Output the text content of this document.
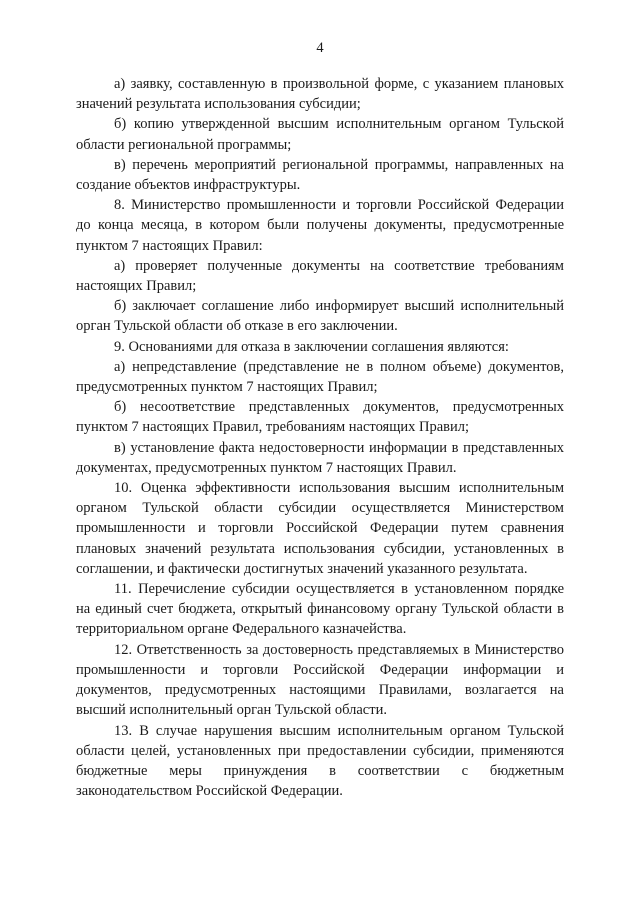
4

а) заявку, составленную в произвольной форме, с указанием плановых значений результата использования субсидии;

б) копию утвержденной высшим исполнительным органом Тульской области региональной программы;

в) перечень мероприятий региональной программы, направленных на создание объектов инфраструктуры.

8. Министерство промышленности и торговли Российской Федерации до конца месяца, в котором были получены документы, предусмотренные пунктом 7 настоящих Правил:

а) проверяет полученные документы на соответствие требованиям настоящих Правил;

б) заключает соглашение либо информирует высший исполнительный орган Тульской области об отказе в его заключении.

9. Основаниями для отказа в заключении соглашения являются:

а) непредставление (представление не в полном объеме) документов, предусмотренных пунктом 7 настоящих Правил;

б) несоответствие представленных документов, предусмотренных пунктом 7 настоящих Правил, требованиям настоящих Правил;

в) установление факта недостоверности информации в представленных документах, предусмотренных пунктом 7 настоящих Правил.

10. Оценка эффективности использования высшим исполнительным органом Тульской области субсидии осуществляется Министерством промышленности и торговли Российской Федерации путем сравнения плановых значений результата использования субсидии, установленных в соглашении, и фактически достигнутых значений указанного результата.

11. Перечисление субсидии осуществляется в установленном порядке на единый счет бюджета, открытый финансовому органу Тульской области в территориальном органе Федерального казначейства.

12. Ответственность за достоверность представляемых в Министерство промышленности и торговли Российской Федерации информации и документов, предусмотренных настоящими Правилами, возлагается на высший исполнительный орган Тульской области.

13. В случае нарушения высшим исполнительным органом Тульской области целей, установленных при предоставлении субсидии, применяются бюджетные меры принуждения в соответствии с бюджетным законодательством Российской Федерации.
